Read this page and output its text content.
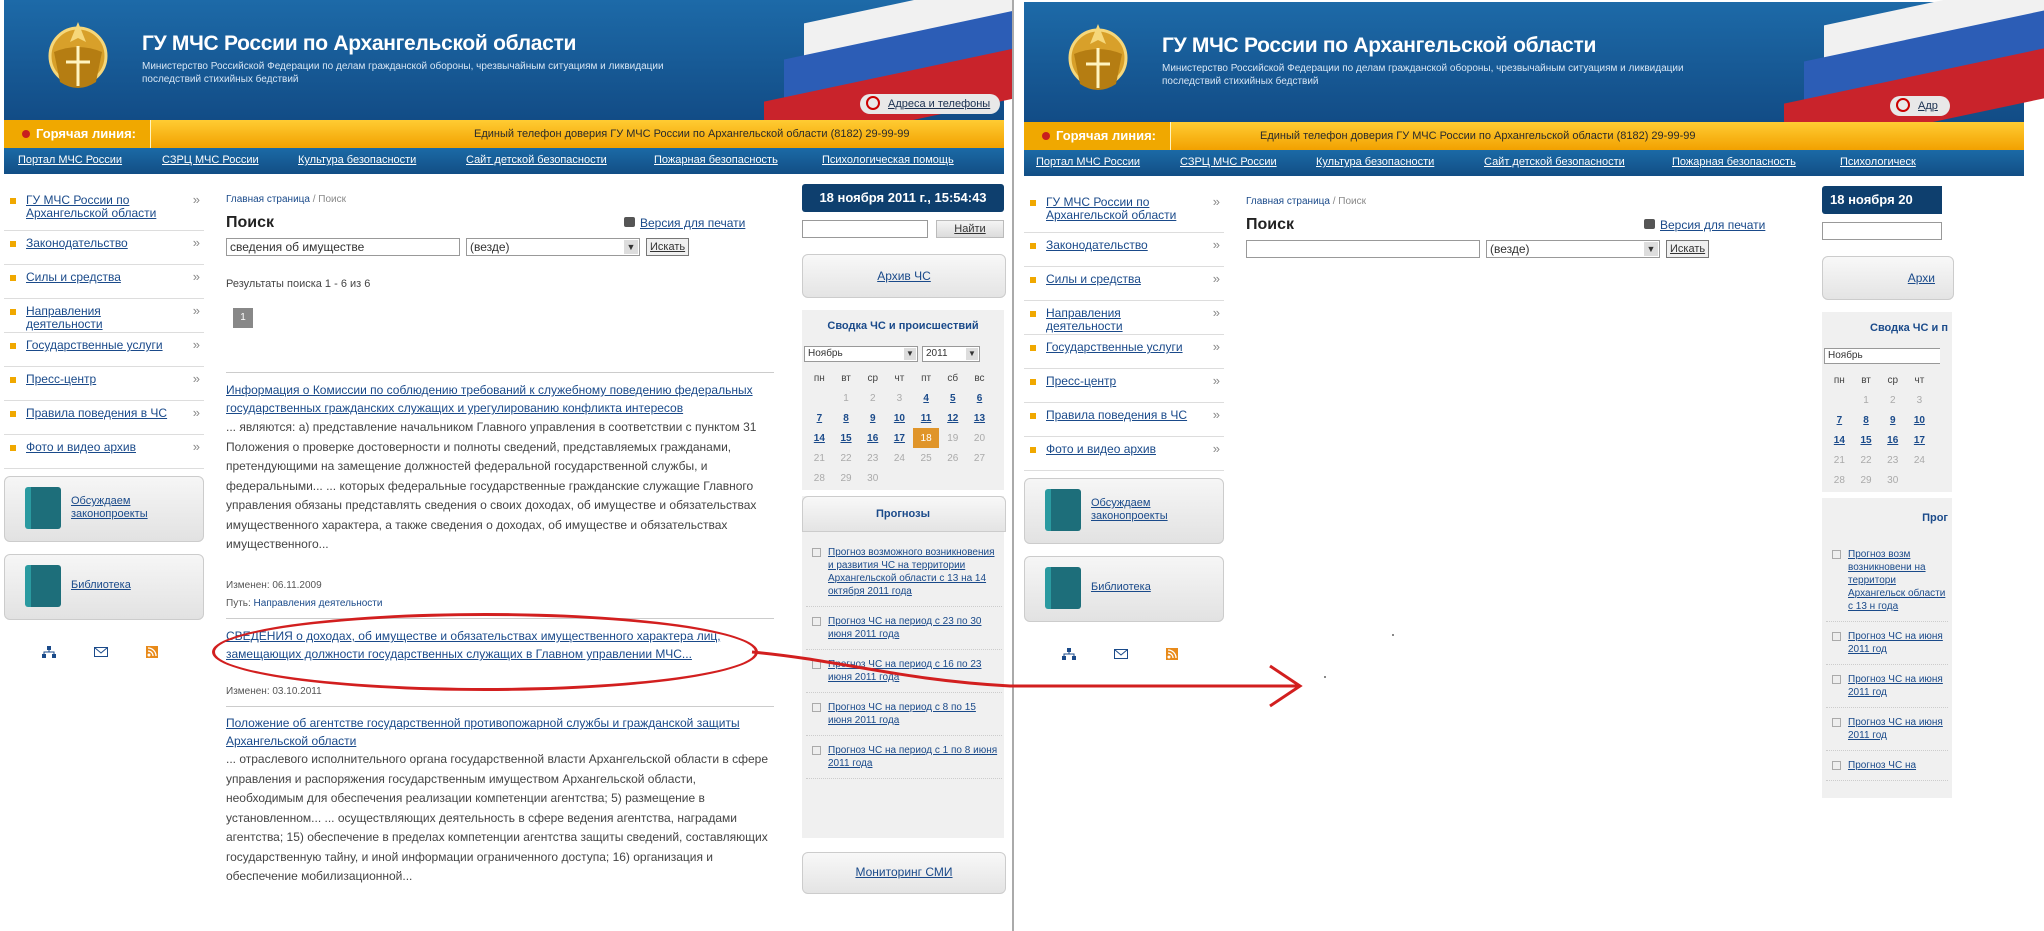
ГУ МЧС России по Архангельской области
Министерство Российской Федерации по делам гражданской обороны, чрезвычайным ситуациям и ликвидации последствий стихийных бедствий
Адреса и телефоны
Горячая линия:	Единый телефон доверия ГУ МЧС России по Архангельской области (8182) 29-99-99
Портал МЧС России	СЗРЦ МЧС России	Культура безопасности	Сайт детской безопасности	Пожарная безопасность	Психологическая помощь
ГУ МЧС России по Архангельской области
»
Законодательство	»
Силы и средства	»
Направления деятельности
»
Государственные услуги	»
Пресс-центр	»
Правила поведения в ЧС	»
Фото и видео архив	»
Обсуждаем законопроекты
Библиотека
Главная страница / Поиск
Поиск	Версия для печати
сведения об имуществе	(везде)	▼	Искать
Результаты поиска 1 - 6 из 6
1
Информация о Комиссии по соблюдению требований к служебному поведению федеральных государственных гражданских служащих и урегулированию конфликта интересов
... являются: а) представление начальником Главного управления в соответствии с пунктом 31 Положения о проверке достоверности и полноты сведений, представляемых гражданами, претендующими на замещение должностей федеральной государственной службы, и федеральными... ... которых федеральные государственные гражданские служащие Главного управления обязаны представлять сведения о своих доходах, об имуществе и обязательствах имущественного характера, а также сведения о доходах, об имуществе и обязательствах имущественного...
Изменен: 06.11.2009
Путь: Направления деятельности
СВЕДЕНИЯ о доходах, об имуществе и обязательствах имущественного характера лиц, замещающих должности государственных служащих в Главном управлении МЧС...
Изменен: 03.10.2011
Положение об агентстве государственной противопожарной службы и гражданской защиты Архангельской области
... отраслевого исполнительного органа государственной власти Архангельской области в сфере управления и распоряжения государственным имуществом Архангельской области, необходимым для обеспечения реализации компетенции агентства; 5) размещение в установленном... ... осуществляющих деятельность в сфере ведения агентства, наградами агентства; 15) обеспечение в пределах компетенции агентства защиты сведений, составляющих государственную тайну, и иной информации ограниченного доступа; 16) организация и обеспечение мобилизационной...
18 ноября 2011 г., 15:54:43
Найти
Архив ЧС
Сводка ЧС и происшествий
Ноябрь	▼	2011	▼
пн	вт	ср	чт	пт	сб	вс
	1	2	3	4	5	6
7	8	9	10	11	12	13
14	15	16	17	18	19	20
21	22	23	24	25	26	27
28	29	30				
Прогнозы
Прогноз возможного возникновения и развития ЧС на территории Архангельской области с 13 на 14 октября 2011 года
Прогноз ЧС на период с 23 по 30 июня 2011 года
Прогноз ЧС на период с 16 по 23 июня 2011 года
Прогноз ЧС на период с 8 по 15 июня 2011 года
Прогноз ЧС на период с 1 по 8 июня 2011 года
Мониторинг СМИ
ГУ МЧС России по Архангельской области
Министерство Российской Федерации по делам гражданской обороны, чрезвычайным ситуациям и ликвидации последствий стихийных бедствий
Адр
Горячая линия:	Единый телефон доверия ГУ МЧС России по Архангельской области (8182) 29-99-99
Портал МЧС России	СЗРЦ МЧС России	Культура безопасности	Сайт детской безопасности	Пожарная безопасность	Психологическ
ГУ МЧС России по Архангельской области
»
Законодательство	»
Силы и средства	»
Направления деятельности
»
Государственные услуги	»
Пресс-центр	»
Правила поведения в ЧС	»
Фото и видео архив	»
Обсуждаем законопроекты
Библиотека
Главная страница / Поиск
Поиск	Версия для печати
(везде)	▼	Искать
18 ноября 20
Архи
Сводка ЧС и п
Ноябрь
пн	вт	ср	чт
	1	2	3
7	8	9	10
14	15	16	17
21	22	23	24
28	29	30	
Прог
Прогноз возм возникновени на территори Архангельск области с 13 н года
Прогноз ЧС на июня 2011 год
Прогноз ЧС на июня 2011 год
Прогноз ЧС на июня 2011 год
Прогноз ЧС на
